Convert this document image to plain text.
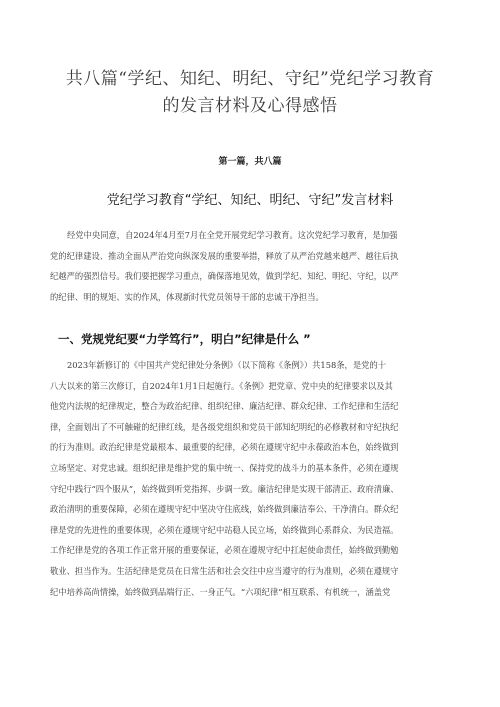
共八篇“学纪、知纪、明纪、守纪”党纪学习教育
的发言材料及心得感悟
第一篇，共八篇
党纪学习教育“学纪、知纪、明纪、守纪”发言材料
经党中央同意，自2024年4月至7月在全党开展党纪学习教育。这次党纪学习教育，是加强
党的纪律建设、推动全面从严治党向纵深发展的重要举措，释放了从严治党越来越严、越往后执
纪越严的强烈信号。我们要把握学习重点，确保落地见效，做到学纪、知纪、明纪、守纪，以严
的纪律、明的规矩、实的作风，体现新时代党员领导干部的忠诚干净担当。
一、党规党纪要“力学笃行”，明白”纪律是什么 ”
2023年新修订的《中国共产党纪律处分条例》（以下简称《条例》）共158条，是党的十
八大以来的第三次修订，自2024年1月1日起施行。《条例》把党章、党中央的纪律要求以及其
他党内法规的纪律规定，整合为政治纪律、组织纪律、廉洁纪律、群众纪律、工作纪律和生活纪
律，全面划出了不可触碰的纪律红线，是各级党组织和党员干部知纪明纪的必修教材和守纪执纪
的行为准则。政治纪律是党最根本、最重要的纪律，必须在遵规守纪中永葆政治本色，始终做到
立场坚定、对党忠诚。组织纪律是维护党的集中统一、保持党的战斗力的基本条件，必须在遵规
守纪中践行“四个服从”，始终做到听党指挥、步调一致。廉洁纪律是实现干部清正、政府清廉、
政治清明的重要保障，必须在遵规守纪中坚决守住底线，始终做到廉洁奉公、干净清白。群众纪
律是党的先进性的重要体现，必须在遵规守纪中站稳人民立场，始终做到心系群众、为民造福。
工作纪律是党的各项工作正常开展的重要保证，必须在遵规守纪中扛起使命责任，始终做到勤勉
敬业、担当作为。生活纪律是党员在日常生活和社会交往中应当遵守的行为准则，必须在遵规守
纪中培养高尚情操，始终做到品端行正、一身正气。“六项纪律”相互联系、有机统一，涵盖党
